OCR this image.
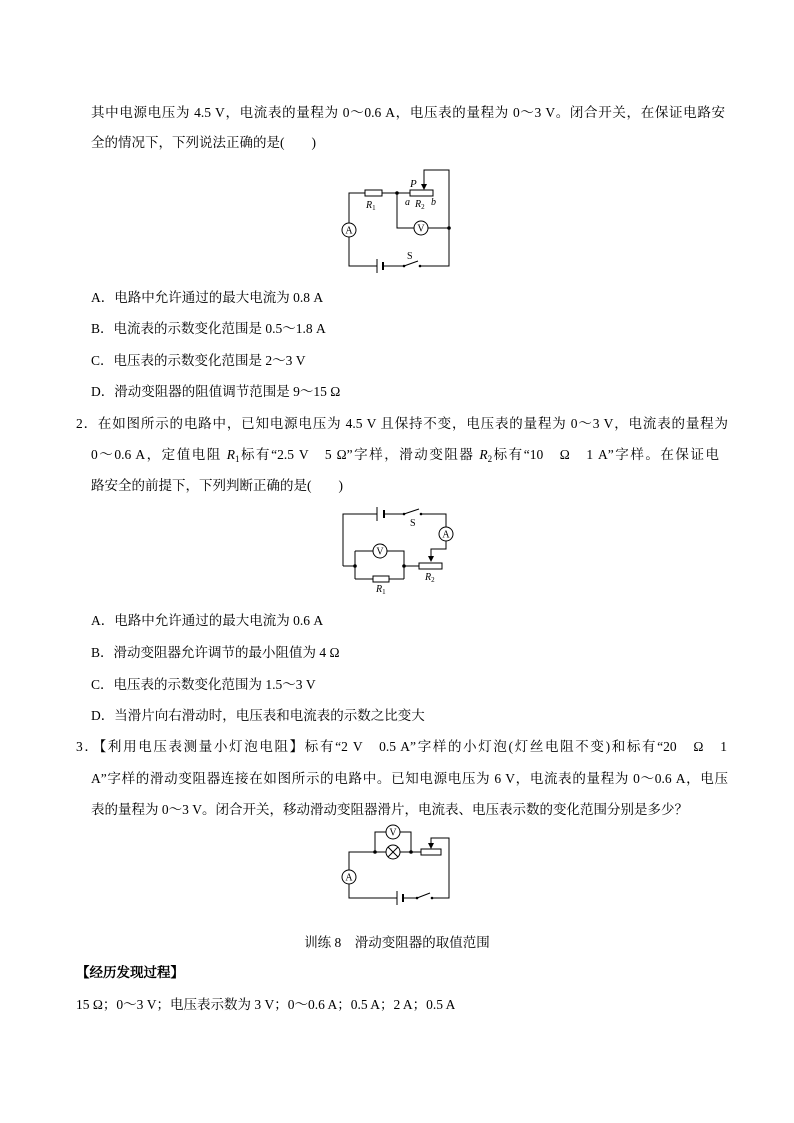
其中电源电压为 4.5 V，电流表的量程为 0～0.6 A，电压表的量程为 0～3 V。闭合开关，在保证电路安
全的情况下，下列说法正确的是(　　)
A	V
$R_1$
P
a $R_2$ b
S
A．电路中允许通过的最大电流为 0.8 A
B．电流表的示数变化范围是 0.5～1.8 A
C．电压表的示数变化范围是 2～3 V
D．滑动变阻器的阻值调节范围是 9～15 Ω
2．在如图所示的电路中，已知电源电压为 4.5 V 且保持不变，电压表的量程为 0～3 V，电流表的量程为
0～0.6 A，定值电阻 $R_1$标有“2.5 V　5 Ω”字样，滑动变阻器 $R_2$标有“10　Ω　1 A”字样。在保证电
路安全的前提下，下列判断正确的是(　　)
S
A
V
$R_1$
$R_2$
A．电路中允许通过的最大电流为 0.6 A
B．滑动变阻器允许调节的最小阻值为 4 Ω
C．电压表的示数变化范围为 1.5～3 V
D．当滑片向右滑动时，电压表和电流表的示数之比变大
3．【利用电压表测量小灯泡电阻】标有“2 V　0.5 A”字样的小灯泡(灯丝电阻不变)和标有“20　Ω　1
A”字样的滑动变阻器连接在如图所示的电路中。已知电源电压为 6 V，电流表的量程为 0～0.6 A，电压
表的量程为 0～3 V。闭合开关，移动滑动变阻器滑片，电流表、电压表示数的变化范围分别是多少？
V
A
训练 8　滑动变阻器的取值范围
【经历发现过程】
15 Ω；0～3 V；电压表示数为 3 V；0～0.6 A；0.5 A；2 A；0.5 A
